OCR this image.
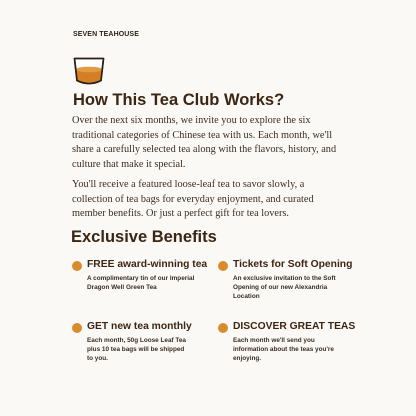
SEVEN TEAHOUSE
How This Tea Club Works?

Over the next six months, we invite you to explore the six traditional categories of Chinese tea with us. Each month, we'll share a carefully selected tea along with the flavors, history, and culture that make it special.

You'll receive a featured loose-leaf tea to savor slowly, a collection of tea bags for everyday enjoyment, and curated member benefits. Or just a perfect gift for tea lovers.

Exclusive Benefits
FREE award-winning tea

A complimentary tin of our Imperial Dragon Well Green Tea

Tickets for Soft Opening

An exclusive invitation to the Soft Opening of our new Alexandria Location

GET new tea monthly

Each month, 50g Loose Leaf Tea plus 10 tea bags will be shipped to you.

DISCOVER GREAT TEAS

Each month we'll send you information about the teas you're enjoying.
